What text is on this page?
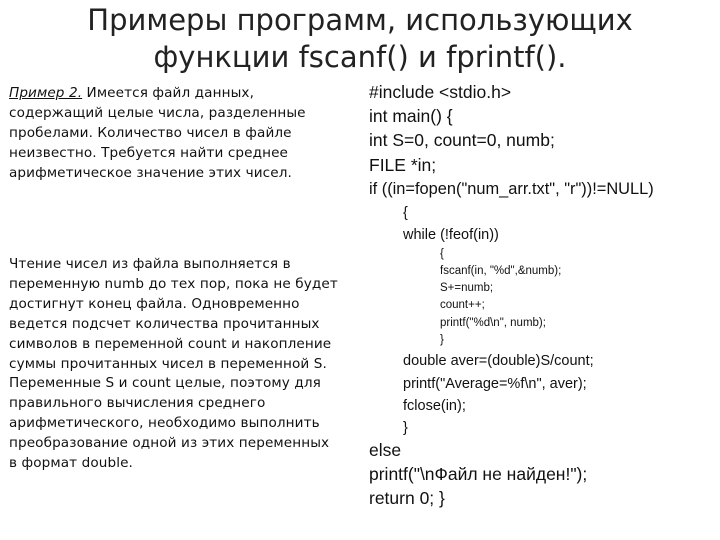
Примеры программ, использующих
функции fscanf() и fprintf().
Пример 2. Имеется файл данных,
содержащий целые числа, разделенные
пробелами. Количество чисел в файле
неизвестно. Требуется найти среднее
арифметическое значение этих чисел.
Чтение чисел из файла выполняется в
переменную numb до тех пор, пока не будет
достигнут конец файла. Одновременно
ведется подсчет количества прочитанных
символов в переменной count и накопление
суммы прочитанных чисел в переменной S.
Переменные S и count целые, поэтому для
правильного вычисления среднего
арифметического, необходимо выполнить
преобразование одной из этих переменных
в формат double.
#include <stdio.h>
int main() {
int S=0, count=0, numb;
FILE *in;
if ((in=fopen("num_arr.txt", "r"))!=NULL)
{
while (!feof(in))
{
fscanf(in, "%d",&numb);
S+=numb;
count++;
printf("%d\n", numb);
}
double aver=(double)S/count;
printf("Average=%f\n", aver);
fclose(in);
}
else
printf("\nФайл не найден!");
return 0; }
